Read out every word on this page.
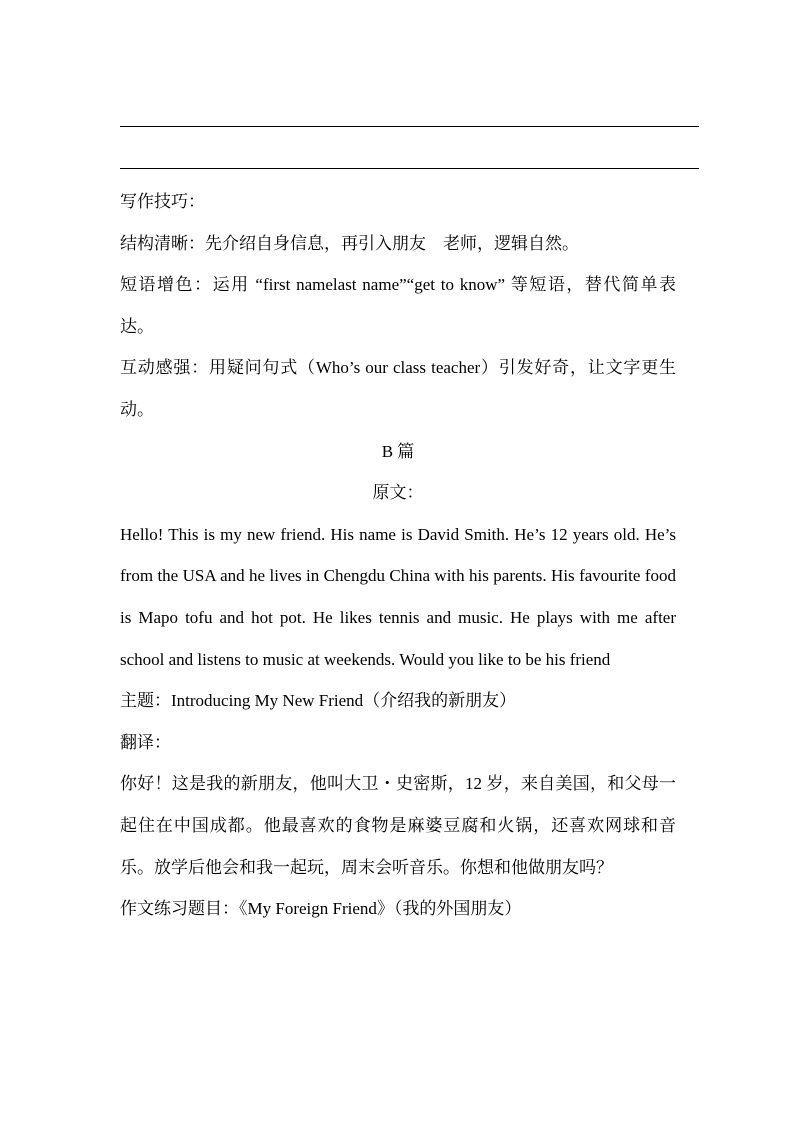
写作技巧：

结构清晰：先介绍自身信息，再引入朋友　老师，逻辑自然。

短语增色：运用 “first namelast name”“get to know” 等短语，替代简单表达。

互动感强：用疑问句式（Who’s our class teacher）引发好奇，让文字更生动。

B 篇

原文：

Hello! This is my new friend. His name is David Smith. He’s 12 years old. He’s from the USA and he lives in Chengdu China with his parents. His favourite food is Mapo tofu and hot pot. He likes tennis and music. He plays with me after school and listens to music at weekends. Would you like to be his friend

主题：Introducing My New Friend（介绍我的新朋友）

翻译：

你好！这是我的新朋友，他叫大卫・史密斯，12 岁，来自美国，和父母一起住在中国成都。他最喜欢的食物是麻婆豆腐和火锅，还喜欢网球和音乐。放学后他会和我一起玩，周末会听音乐。你想和他做朋友吗？

作文练习题目：《My Foreign Friend》（我的外国朋友）
